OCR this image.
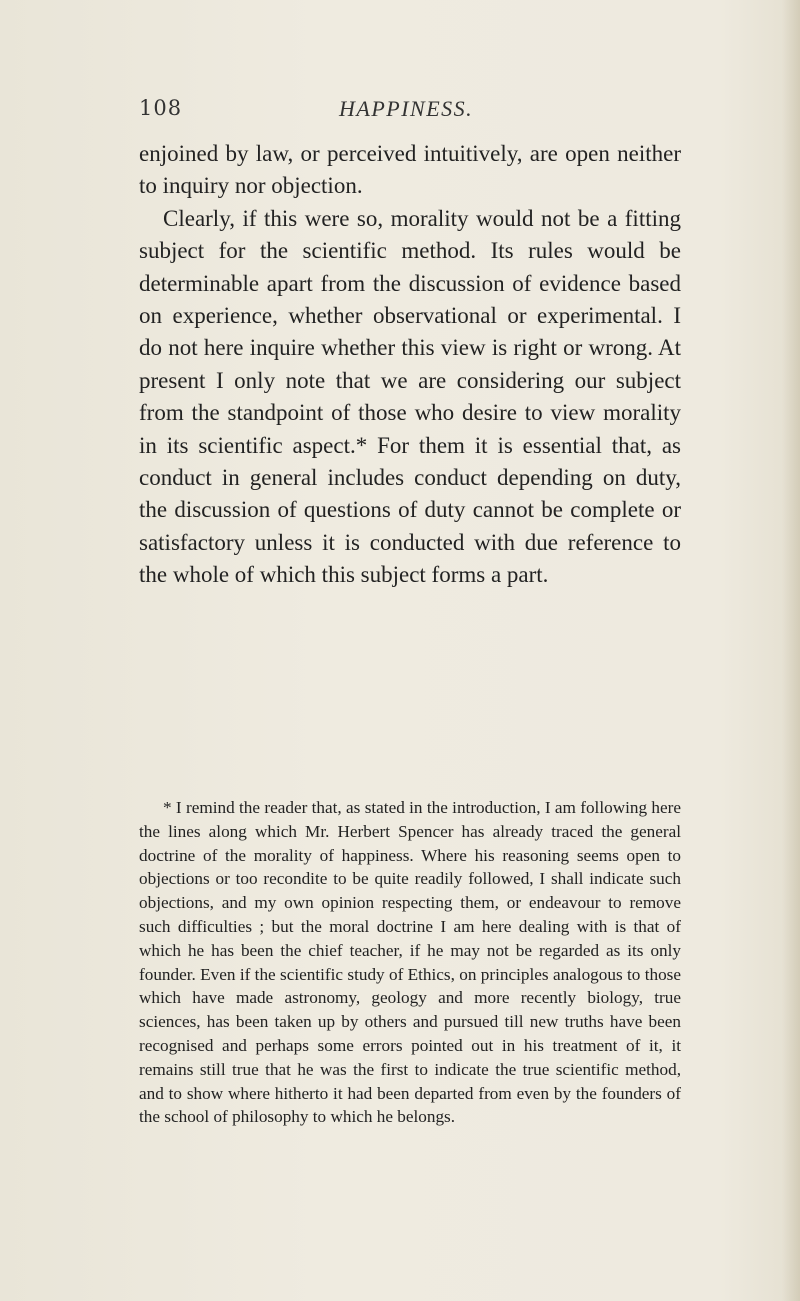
108	HAPPINESS.

enjoined by law, or perceived intuitively, are open neither to inquiry nor objection.

Clearly, if this were so, morality would not be a fitting subject for the scientific method. Its rules would be determinable apart from the discussion of evidence based on experience, whether observational or experimental. I do not here inquire whether this view is right or wrong. At present I only note that we are considering our subject from the standpoint of those who desire to view morality in its scientific aspect.* For them it is essential that, as conduct in general includes conduct depending on duty, the discussion of questions of duty cannot be complete or satisfactory unless it is conducted with due reference to the whole of which this subject forms a part.

* I remind the reader that, as stated in the introduction, I am following here the lines along which Mr. Herbert Spencer has already traced the general doctrine of the morality of happiness. Where his reasoning seems open to objections or too recondite to be quite readily followed, I shall indicate such objections, and my own opinion respecting them, or endeavour to remove such difficulties ; but the moral doctrine I am here dealing with is that of which he has been the chief teacher, if he may not be regarded as its only founder. Even if the scientific study of Ethics, on principles analogous to those which have made astronomy, geology and more recently biology, true sciences, has been taken up by others and pursued till new truths have been recognised and perhaps some errors pointed out in his treatment of it, it remains still true that he was the first to indicate the true scientific method, and to show where hitherto it had been departed from even by the founders of the school of philosophy to which he belongs.
